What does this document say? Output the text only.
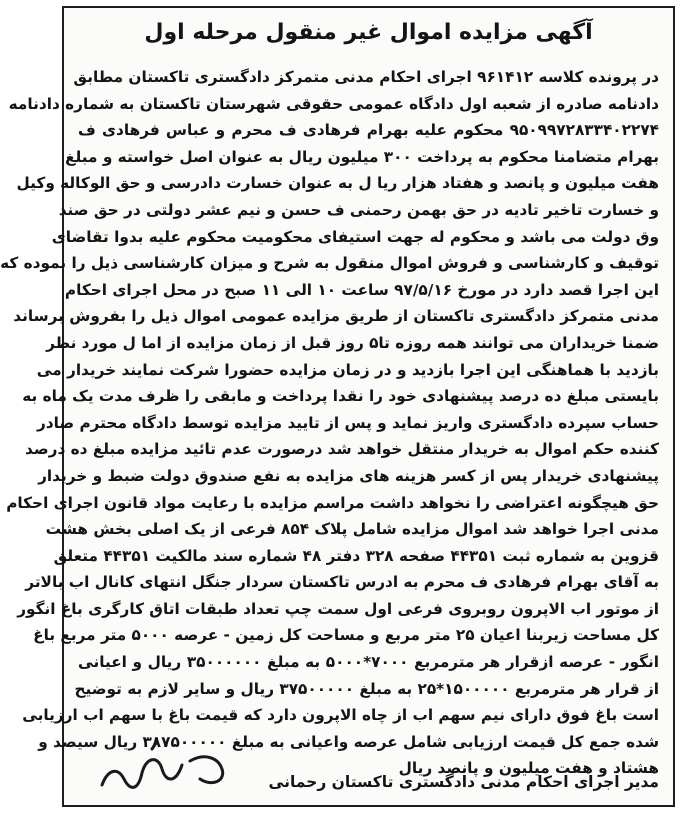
آگهی مزایده اموال غیر منقول مرحله اول
در پرونده کلاسه ۹۶۱۴۱۲ اجرای احکام مدنی متمرکز دادگستری تاکستان مطابق
دادنامه صادره از شعبه اول دادگاه عمومی حقوقی شهرستان تاکستان به شماره دادنامه
۹۵۰۹۹۷۲۸۳۳۴۰۲۲۷۴ محکوم علیه بهرام فرهادی ف محرم و عباس فرهادی ف
بهرام متضامنا محکوم به پرداخت ۳۰۰ میلیون ریال به عنوان اصل خواسته و مبلغ
هفت میلیون و پانصد و هفتاد هزار ریا ل به عنوان خسارت دادرسی و حق الوکاله وکیل
و خسارت تاخیر تادیه در حق بهمن رحمنی ف حسن و نیم عشر دولتی در حق صند
وق دولت می باشد و محکوم له جهت استیفای محکومیت محکوم علیه بدوا تقاضای
توقیف و کارشناسی و فروش اموال منقول به شرح و میزان کارشناسی ذیل را نموده که
این اجرا قصد دارد در مورخ ۹۷/۵/۱۶ ساعت ۱۰ الی ۱۱ صبح در محل اجرای احکام
مدنی متمرکز دادگستری تاکستان از طریق مزایده عمومی اموال ذیل را بفروش برساند
ضمنا خریداران می توانند همه روزه تا۵ روز قبل از زمان مزایده از اما ل مورد نظر
بازدید با هماهنگی این اجرا بازدید و در زمان مزایده حضورا شرکت نمایند خریدار می
بایستی مبلغ ده درصد پیشنهادی خود را نقدا پرداخت و مابقی را ظرف مدت یک ماه به
حساب سپرده دادگستری واریز نماید و پس از تایید مزایده توسط دادگاه محترم صادر
کننده حکم اموال به خریدار منتقل خواهد شد درصورت عدم تائید مزایده مبلغ ده درصد
پیشنهادی خریدار پس از کسر هزینه های مزایده به نفع صندوق دولت ضبط و خریدار
حق هیچگونه اعتراضی را نخواهد داشت مراسم مزایده با رعایت مواد قانون اجرای احکام
مدنی اجرا خواهد شد اموال مزایده شامل پلاک ۸۵۴ فرعی از یک اصلی بخش هشت
قزوین به شماره ثبت ۴۴۳۵۱ صفحه ۳۲۸ دفتر ۴۸ شماره سند مالکیت ۴۴۳۵۱ متعلق
به آقای بهرام فرهادی ف محرم به ادرس تاکستان سردار جنگل انتهای کانال اب بالاتر
از موتور اب الاپرون روبروی فرعی اول سمت چپ تعداد طبقات اتاق کارگری باغ انگور
کل مساحت زیربنا اعیان ۲۵ متر مربع و مساحت کل زمین - عرصه ۵۰۰۰ متر مربع باغ
انگور - عرصه ازقرار هر مترمربع ۷۰۰۰*۵۰۰۰ به مبلغ ۳۵۰۰۰۰۰۰ ریال و اعیانی
از قرار هر مترمربع ۱۵۰۰۰۰۰*۲۵ به مبلغ ۳۷۵۰۰۰۰۰ ریال و سایر لازم به توضیح
است باغ فوق دارای نیم سهم اب از چاه الاپرون دارد که قیمت باغ با سهم اب ارزیابی
شده جمع کل قیمت ارزیابی شامل عرصه واعیانی به مبلغ ۳۸۷۵۰۰۰۰۰ ریال سیصد و
هشتاد و هفت میلیون و پانصد ریال
مدیر اجرای احکام مدنی دادگستری تاکستان رحمانی
